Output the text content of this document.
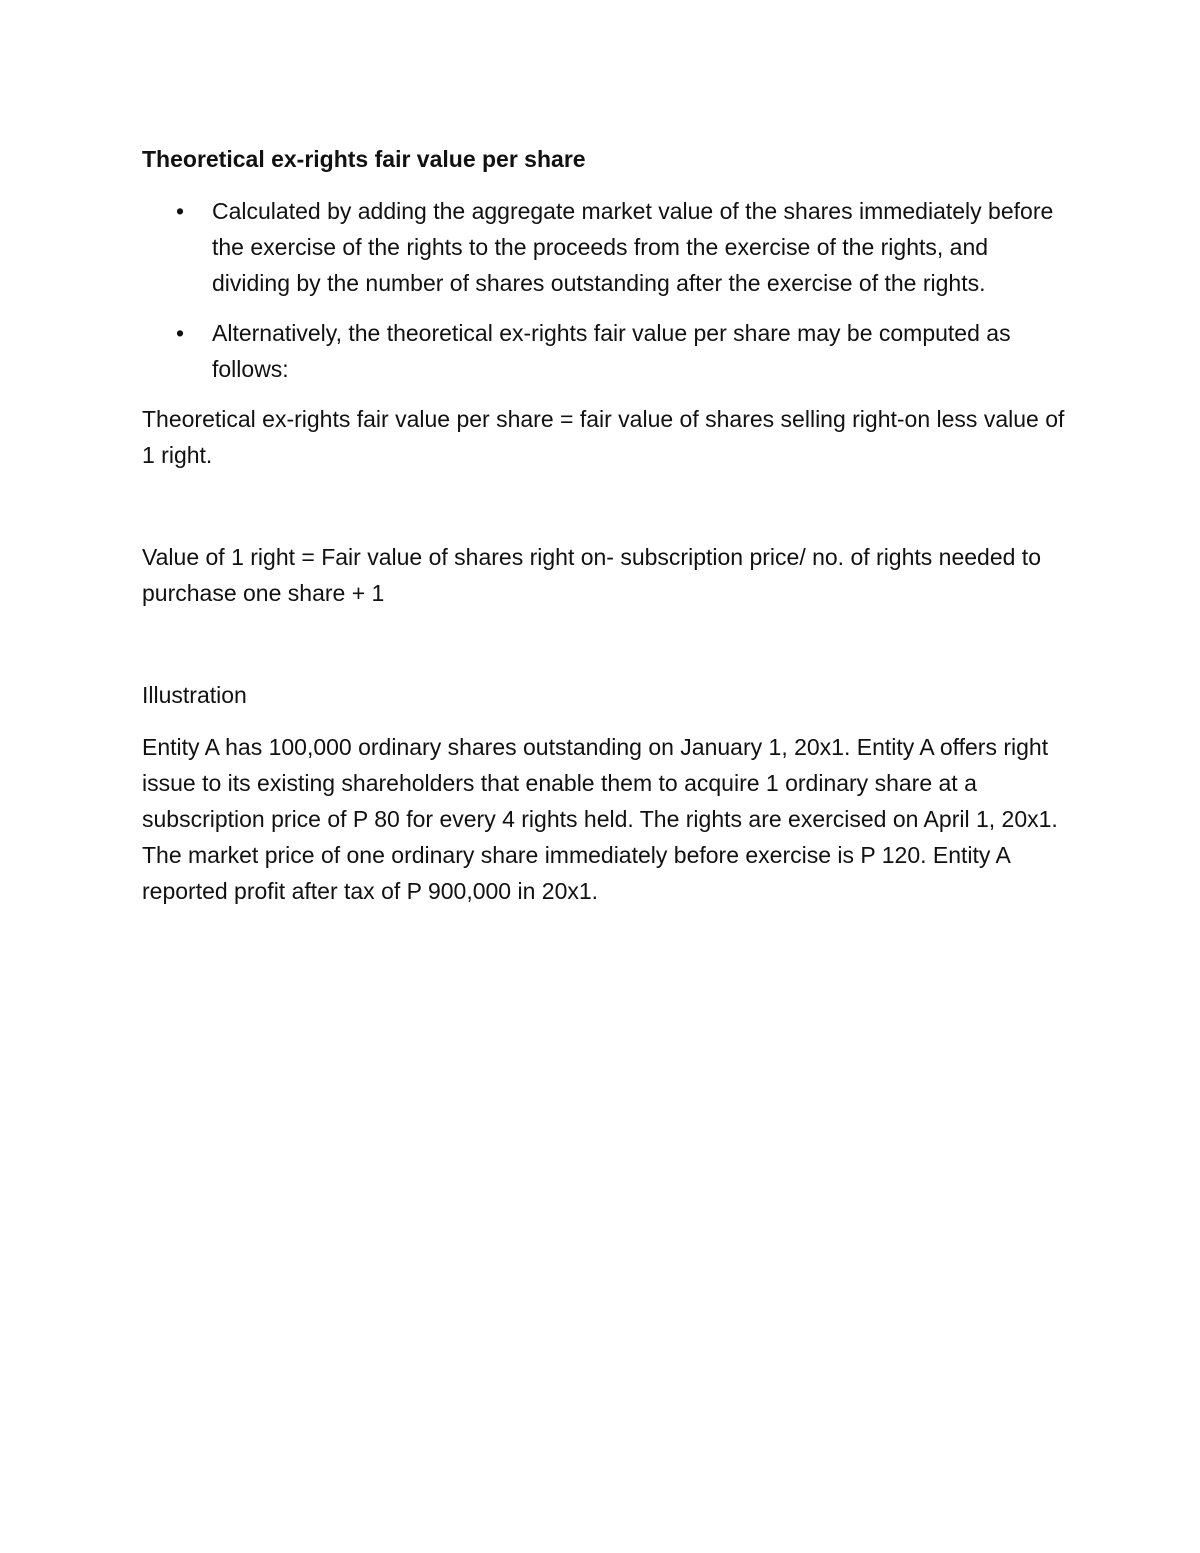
Theoretical ex-rights fair value per share

• Calculated by adding the aggregate market value of the shares immediately before the exercise of the rights to the proceeds from the exercise of the rights, and dividing by the number of shares outstanding after the exercise of the rights.
• Alternatively, the theoretical ex-rights fair value per share may be computed as follows:

Theoretical ex-rights fair value per share = fair value of shares selling right-on less value of 1 right.

Value of 1 right = Fair value of shares right on- subscription price/ no. of rights needed to purchase one share + 1

Illustration

Entity A has 100,000 ordinary shares outstanding on January 1, 20x1. Entity A offers right issue to its existing shareholders that enable them to acquire 1 ordinary share at a subscription price of P 80 for every 4 rights held. The rights are exercised on April 1, 20x1. The market price of one ordinary share immediately before exercise is P 120. Entity A reported profit after tax of P 900,000 in 20x1.
